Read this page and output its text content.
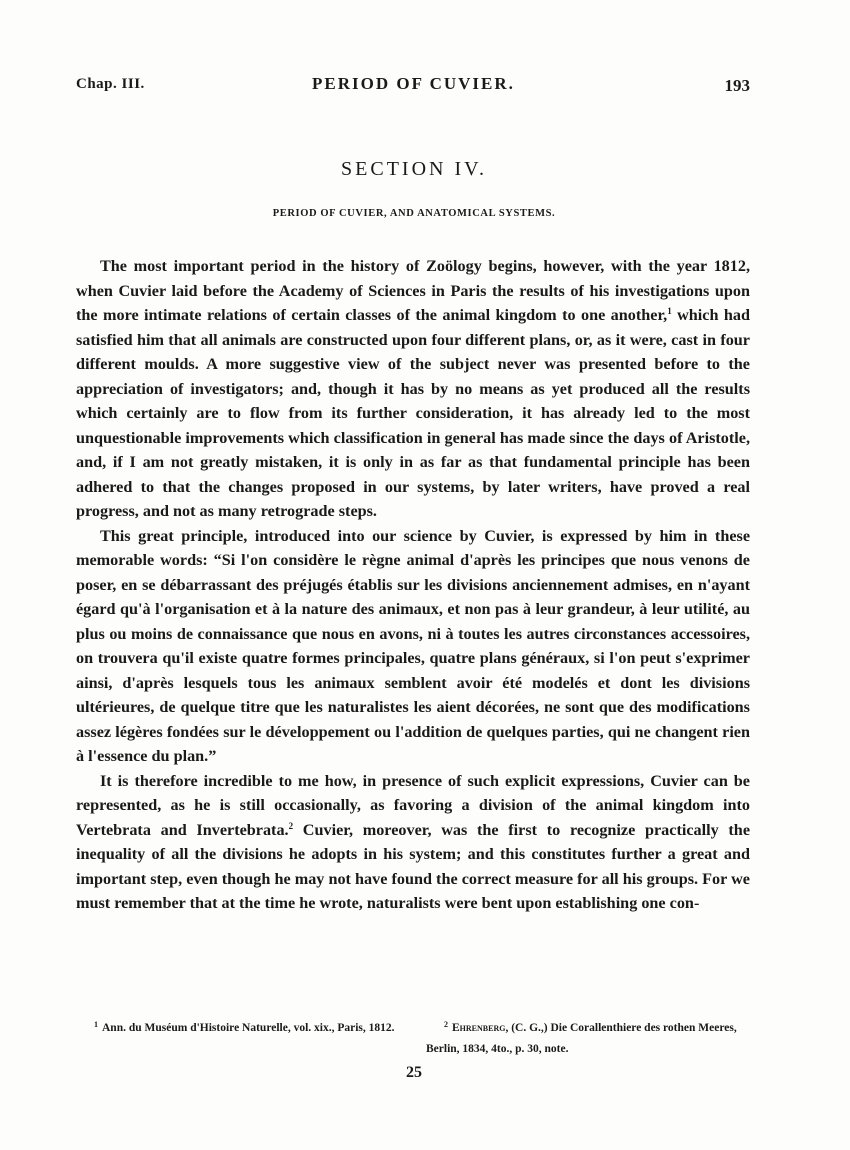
Chap. III.	PERIOD OF CUVIER.	193
SECTION IV.
PERIOD OF CUVIER, AND ANATOMICAL SYSTEMS.

The most important period in the history of Zoölogy begins, however, with the year 1812, when Cuvier laid before the Academy of Sciences in Paris the results of his investigations upon the more intimate relations of certain classes of the animal kingdom to one another,$^1$ which had satisfied him that all animals are constructed upon four different plans, or, as it were, cast in four different moulds. A more suggestive view of the subject never was presented before to the appreciation of investigators; and, though it has by no means as yet produced all the results which certainly are to flow from its further consideration, it has already led to the most unquestionable improvements which classification in general has made since the days of Aristotle, and, if I am not greatly mistaken, it is only in as far as that fundamental principle has been adhered to that the changes proposed in our systems, by later writers, have proved a real progress, and not as many retrograde steps.

This great principle, introduced into our science by Cuvier, is expressed by him in these memorable words: “Si l'on considère le règne animal d'après les principes que nous venons de poser, en se débarrassant des préjugés établis sur les divisions anciennement admises, en n'ayant égard qu'à l'organisation et à la nature des animaux, et non pas à leur grandeur, à leur utilité, au plus ou moins de connaissance que nous en avons, ni à toutes les autres circonstances accessoires, on trouvera qu'il existe quatre formes principales, quatre plans généraux, si l'on peut s'exprimer ainsi, d'après lesquels tous les animaux semblent avoir été modelés et dont les divisions ultérieures, de quelque titre que les naturalistes les aient décorées, ne sont que des modifications assez légères fondées sur le développement ou l'addition de quelques parties, qui ne changent rien à l'essence du plan.”

It is therefore incredible to me how, in presence of such explicit expressions, Cuvier can be represented, as he is still occasionally, as favoring a division of the animal kingdom into Vertebrata and Invertebrata.$^2$ Cuvier, moreover, was the first to recognize practically the inequality of all the divisions he adopts in his system; and this constitutes further a great and important step, even though he may not have found the correct measure for all his groups. For we must remember that at the time he wrote, naturalists were bent upon establishing one con-

$^1$ Ann. du Muséum d'Histoire Naturelle, vol. xix., Paris, 1812.	$^2$ Ehrenberg, (C. G.,) Die Corallenthiere des rothen Meeres, Berlin, 1834, 4to., p. 30, note.
25
